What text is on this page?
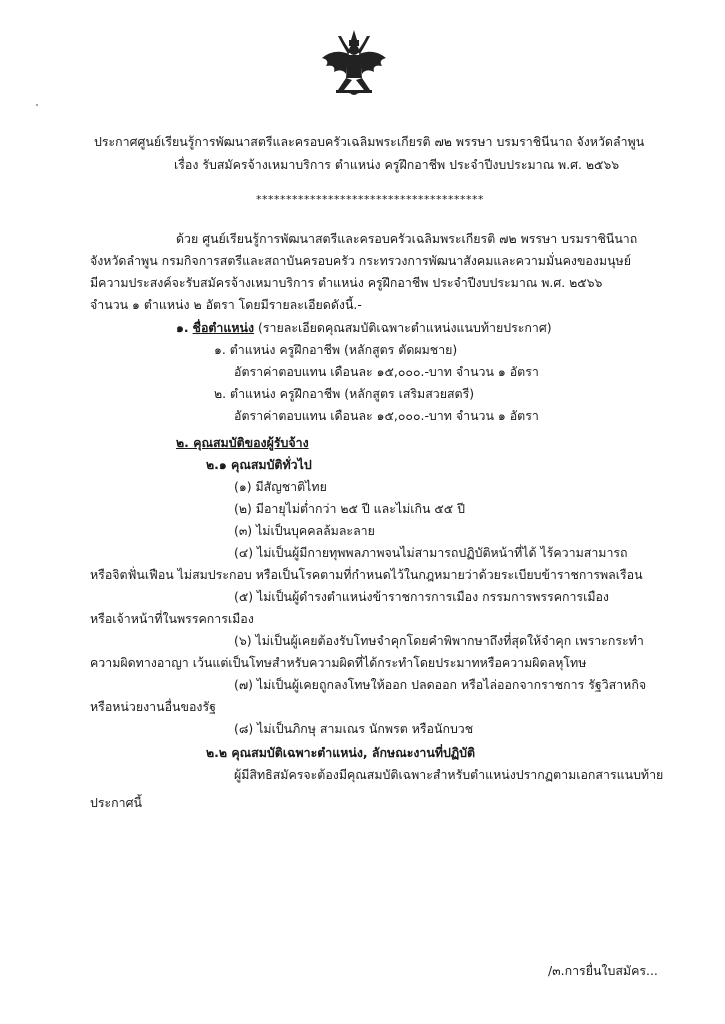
ประกาศศูนย์เรียนรู้การพัฒนาสตรีและครอบครัวเฉลิมพระเกียรติ ๗๒ พรรษา บรมราชินีนาถ จังหวัดลำพูน
เรื่อง รับสมัครจ้างเหมาบริการ ตำแหน่ง ครูฝึกอาชีพ ประจำปีงบประมาณ พ.ศ. ๒๕๖๖
**************************************
ด้วย ศูนย์เรียนรู้การพัฒนาสตรีและครอบครัวเฉลิมพระเกียรติ ๗๒ พรรษา บรมราชินีนาถ
จังหวัดลำพูน กรมกิจการสตรีและสถาบันครอบครัว กระทรวงการพัฒนาสังคมและความมั่นคงของมนุษย์
มีความประสงค์จะรับสมัครจ้างเหมาบริการ ตำแหน่ง ครูฝึกอาชีพ ประจำปีงบประมาณ พ.ศ. ๒๕๖๖
จำนวน ๑ ตำแหน่ง ๒ อัตรา โดยมีรายละเอียดดังนี้.-
๑. ชื่อตำแหน่ง (รายละเอียดคุณสมบัติเฉพาะตำแหน่งแนบท้ายประกาศ)
๑. ตำแหน่ง ครูฝึกอาชีพ (หลักสูตร ตัดผมชาย)
อัตราค่าตอบแทน เดือนละ ๑๕,๐๐๐.-บาท จำนวน ๑ อัตรา
๒. ตำแหน่ง ครูฝึกอาชีพ (หลักสูตร เสริมสวยสตรี)
อัตราค่าตอบแทน เดือนละ ๑๕,๐๐๐.-บาท จำนวน ๑ อัตรา
๒. คุณสมบัติของผู้รับจ้าง
๒.๑ คุณสมบัติทั่วไป
(๑) มีสัญชาติไทย
(๒) มีอายุไม่ต่ำกว่า ๒๕ ปี และไม่เกิน ๕๕ ปี
(๓) ไม่เป็นบุคคลล้มละลาย
(๔) ไม่เป็นผู้มีกายทุพพลภาพจนไม่สามารถปฏิบัติหน้าที่ได้ ไร้ความสามารถ
หรือจิตฟั่นเฟือน ไม่สมประกอบ หรือเป็นโรคตามที่กำหนดไว้ในกฎหมายว่าด้วยระเบียบข้าราชการพลเรือน
(๕) ไม่เป็นผู้ดำรงตำแหน่งข้าราชการการเมือง กรรมการพรรคการเมือง
หรือเจ้าหน้าที่ในพรรคการเมือง
(๖) ไม่เป็นผู้เคยต้องรับโทษจำคุกโดยคำพิพากษาถึงที่สุดให้จำคุก เพราะกระทำ
ความผิดทางอาญา เว้นแต่เป็นโทษสำหรับความผิดที่ได้กระทำโดยประมาทหรือความผิดลหุโทษ
(๗) ไม่เป็นผู้เคยถูกลงโทษให้ออก ปลดออก หรือไล่ออกจากราชการ รัฐวิสาหกิจ
หรือหน่วยงานอื่นของรัฐ
(๘) ไม่เป็นภิกษุ สามเณร นักพรต หรือนักบวช
๒.๒ คุณสมบัติเฉพาะตำแหน่ง, ลักษณะงานที่ปฏิบัติ
ผู้มีสิทธิสมัครจะต้องมีคุณสมบัติเฉพาะสำหรับตำแหน่งปรากฏตามเอกสารแนบท้าย
ประกาศนี้
/๓.การยื่นใบสมัคร...
